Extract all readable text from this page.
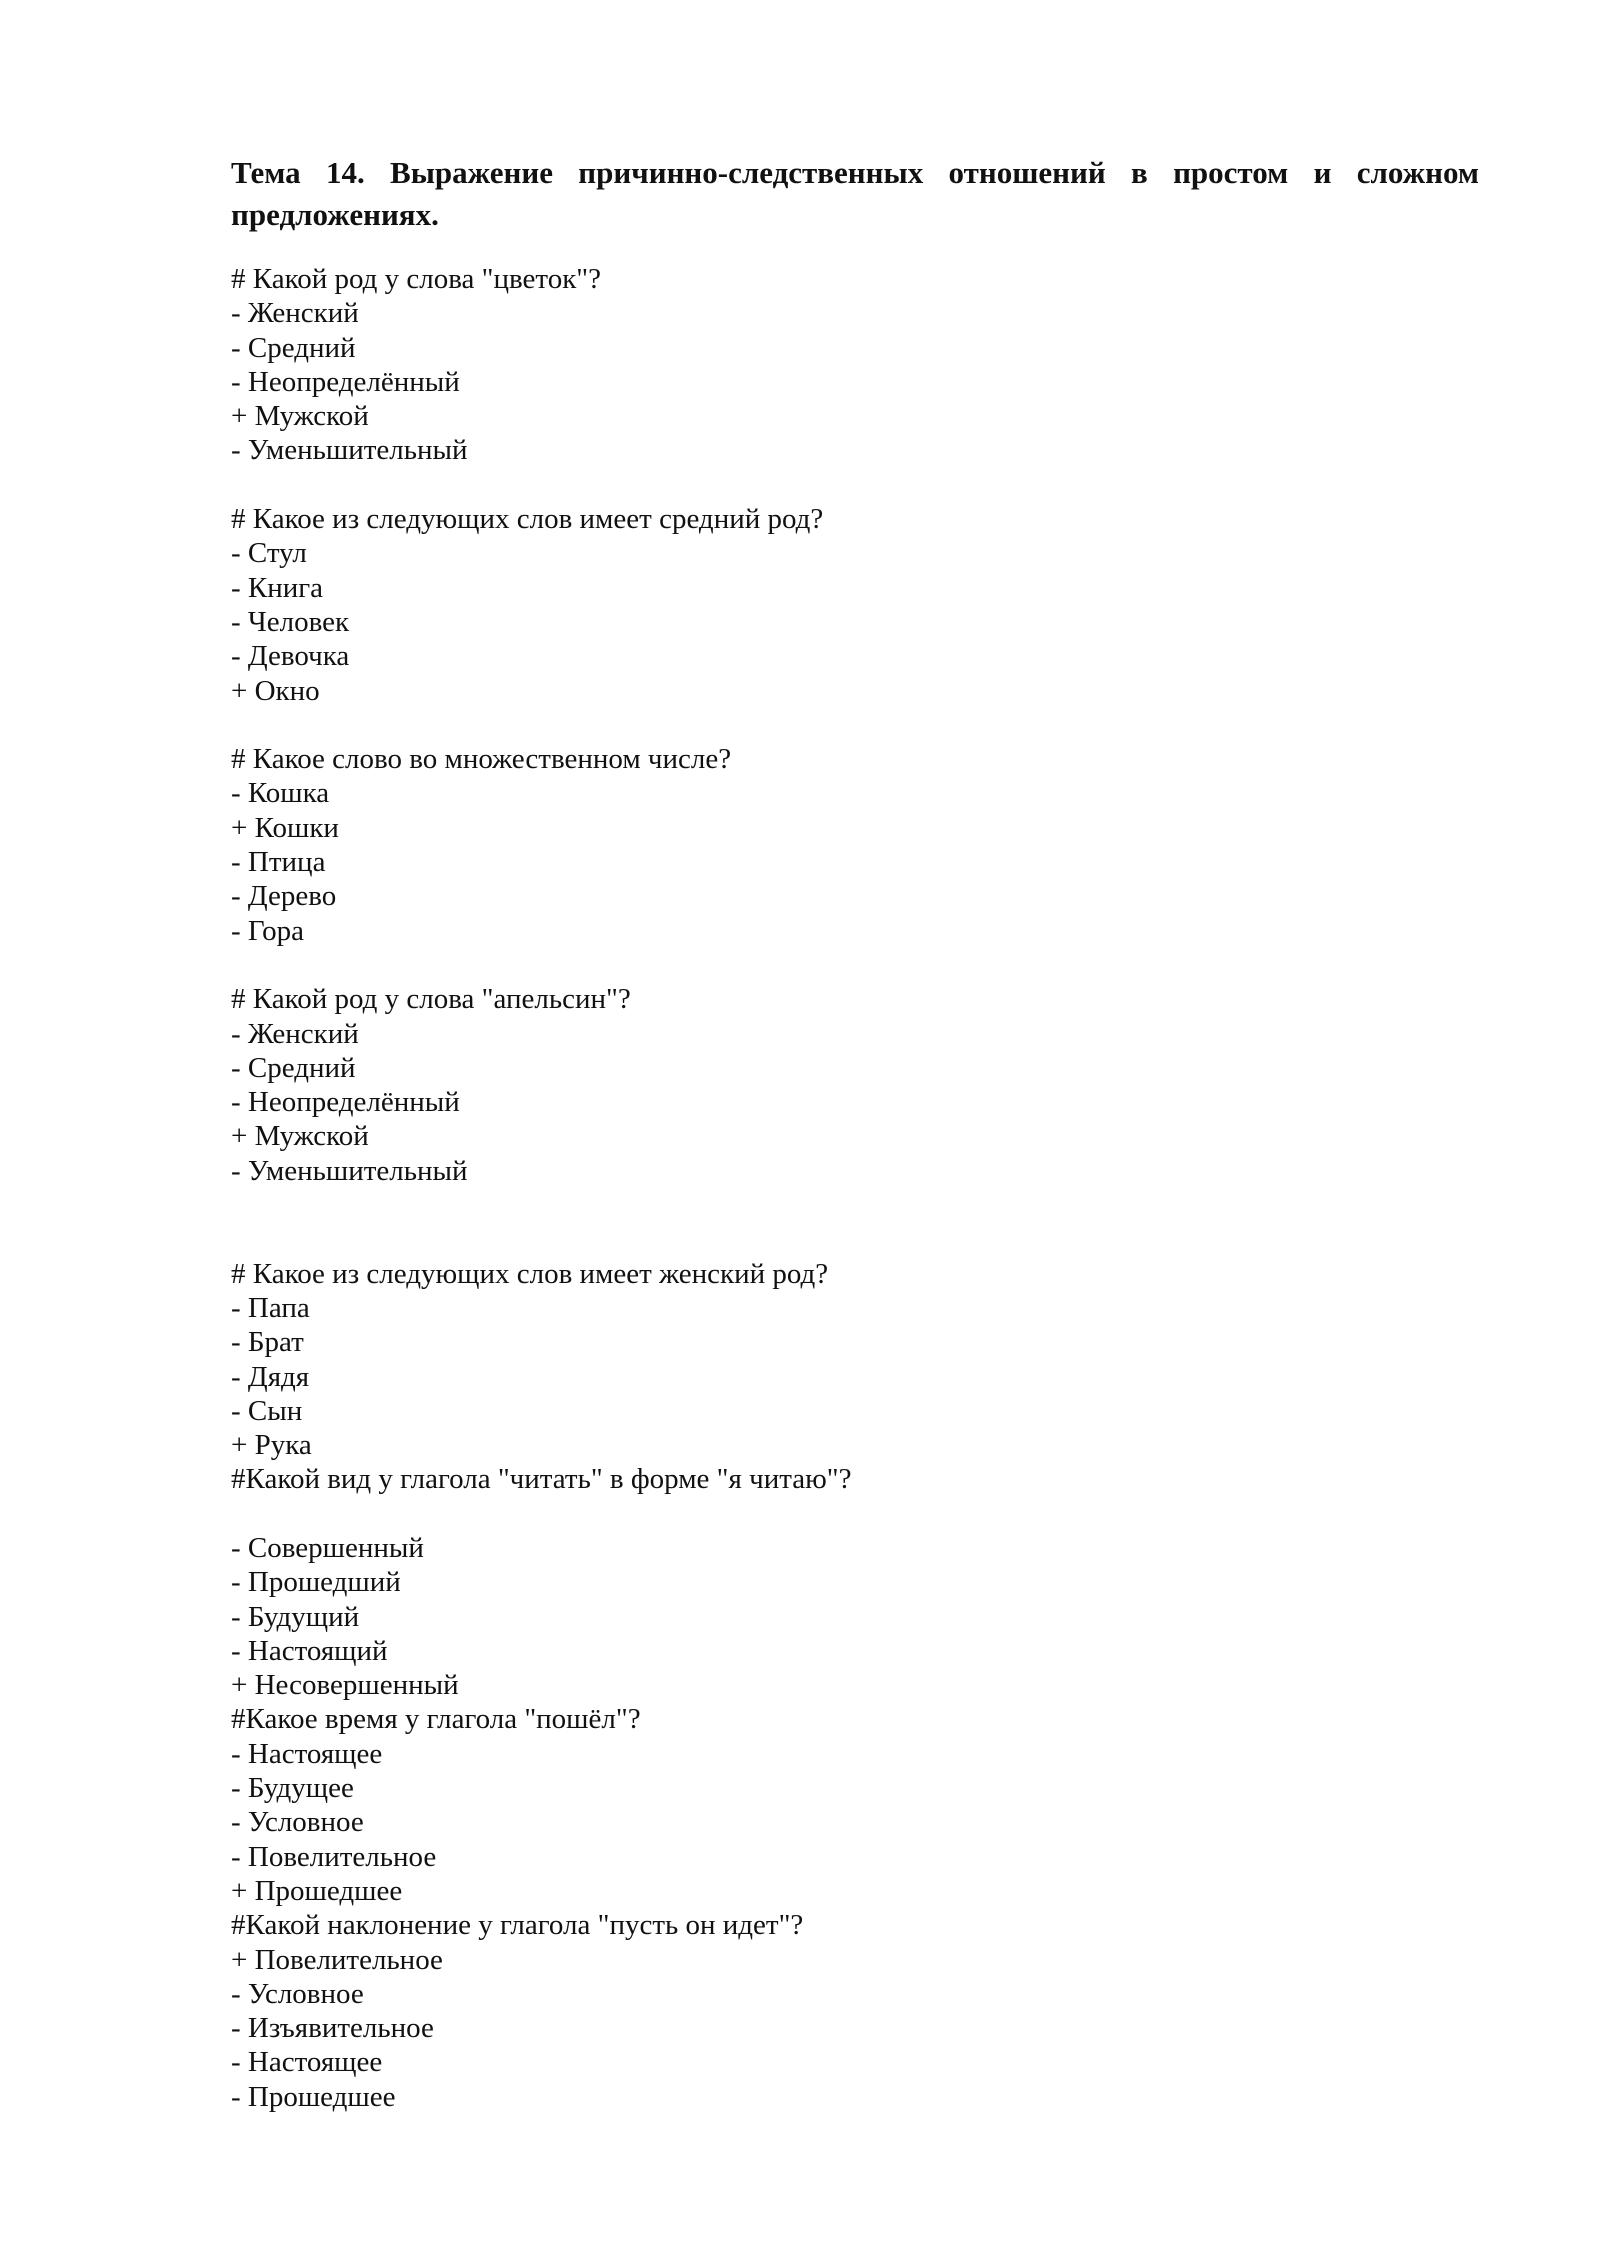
Тема 14. Выражение причинно-следственных отношений в простом и сложном предложениях.
# Какой род у слова "цветок"?
- Женский
- Средний
- Неопределённый
+ Мужской
- Уменьшительный
# Какое из следующих слов имеет средний род?
- Стул
- Книга
- Человек
- Девочка
+ Окно
# Какое слово во множественном числе?
- Кошка
+ Кошки
- Птица
- Дерево
- Гора
# Какой род у слова "апельсин"?
- Женский
- Средний
- Неопределённый
+ Мужской
- Уменьшительный
# Какое из следующих слов имеет женский род?
- Папа
- Брат
- Дядя
- Сын
+ Рука
#Какой вид у глагола "читать" в форме "я читаю"?
- Совершенный
- Прошедший
- Будущий
- Настоящий
+ Несовершенный
#Какое время у глагола "пошёл"?
- Настоящее
- Будущее
- Условное
- Повелительное
+ Прошедшее
#Какой наклонение у глагола "пусть он идет"?
+ Повелительное
- Условное
- Изъявительное
- Настоящее
- Прошедшее
